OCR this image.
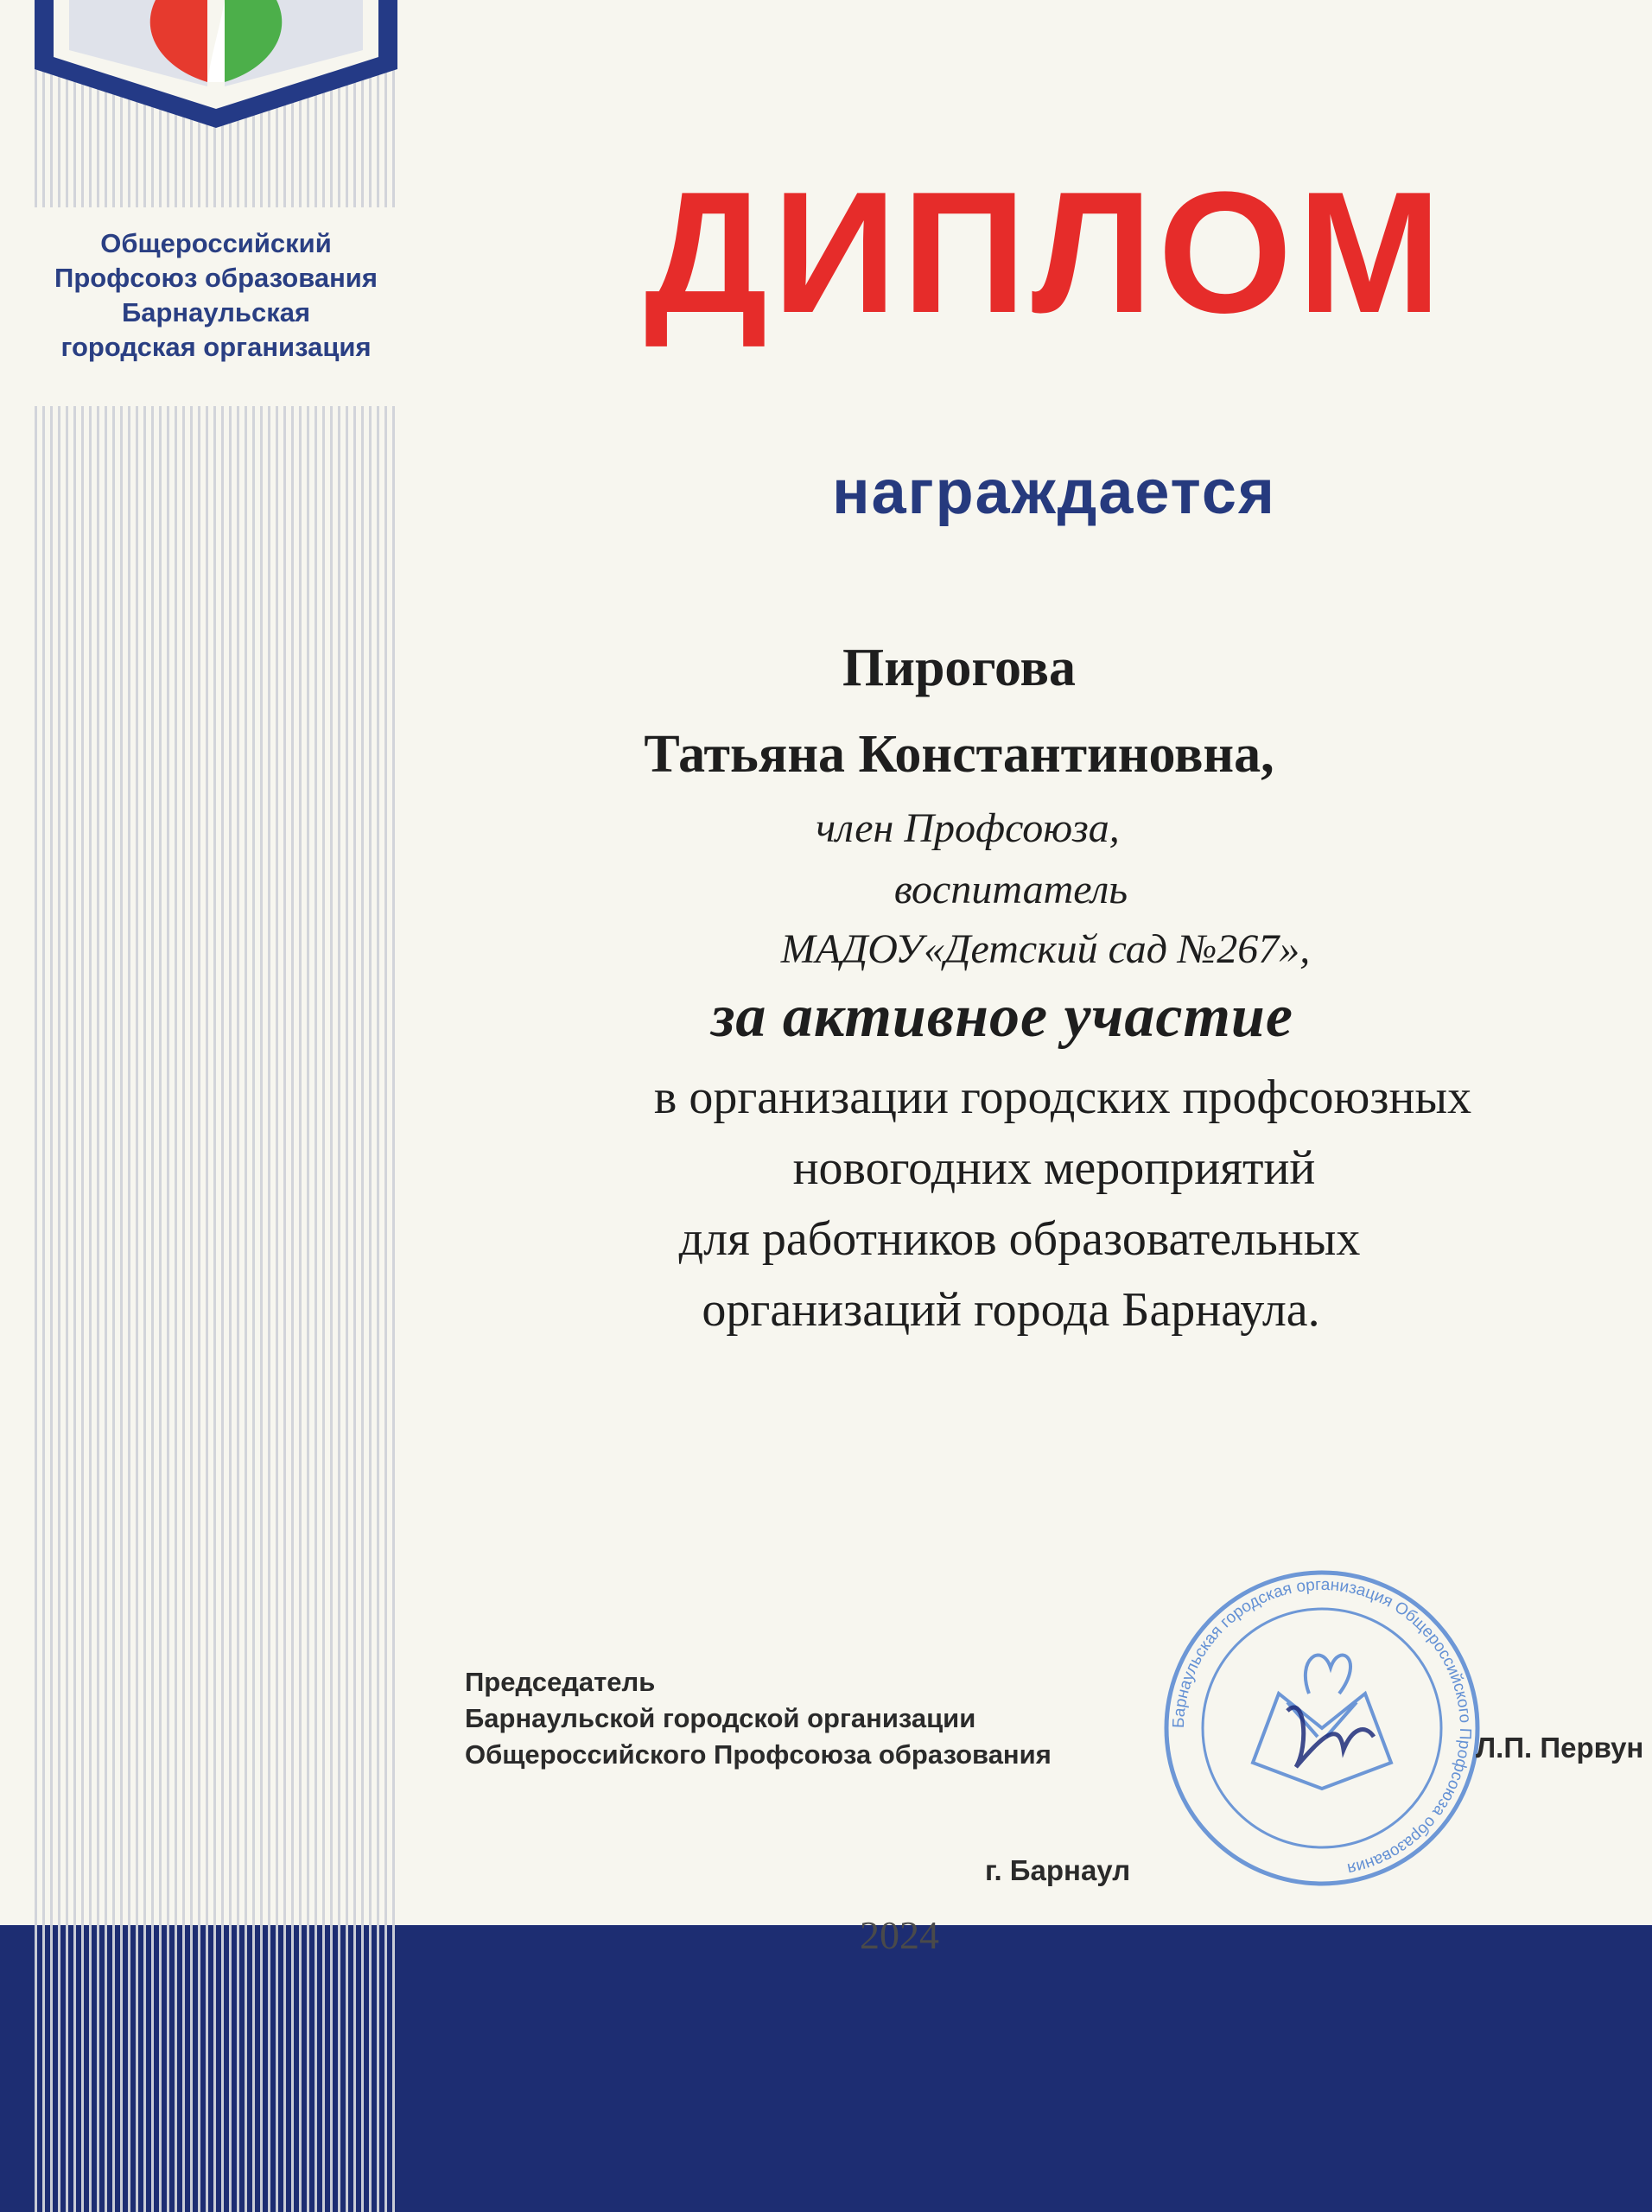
Общероссийский
Профсоюз образования
Барнаульская
городская организация	ДИПЛОМ
награждается
Пирогова
Татьяна Константиновна,
член Профсоюза,
воспитатель
МАДОУ«Детский сад №267»,
за активное участие
в организации городских профсоюзных
новогодних мероприятий
для работников образовательных
организаций города Барнаула.
Председатель
Барнаульской городской организации
Общероссийского Профсоюза образования
Барнаульская городская организация Общероссийского Профсоюза образования
Л.П. Первун
г. Барнаул
2024
